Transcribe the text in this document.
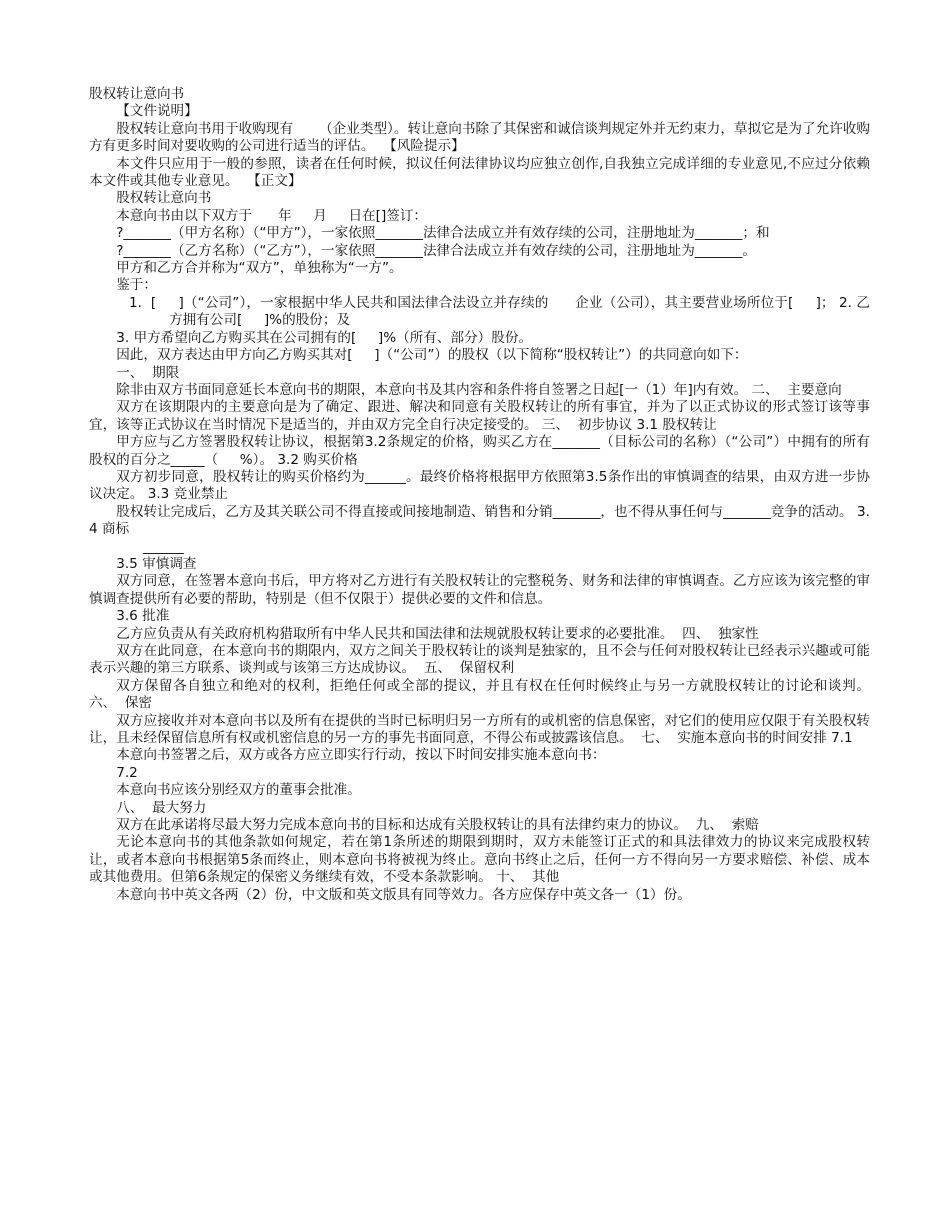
股权转让意向书

【文件说明】

股权转让意向书用于收购现有      （企业类型）。转让意向书除了其保密和诚信谈判规定外并无约束力，草拟它是为了允许收购方有更多时间对要收购的公司进行适当的评估。  【风险提示】

本文件只应用于一般的参照，读者在任何时候，拟议任何法律协议均应独立创作,自我独立完成详细的专业意见,不应过分依赖本文件或其他专业意见。  【正文】

股权转让意向书

本意向书由以下双方于      年     月     日在[]签订：

?_______（甲方名称）（“甲方”），一家依照_______法律合法成立并有效存续的公司，注册地址为_______；和

?_______（乙方名称）（“乙方”），一家依照_______法律合法成立并有效存续的公司，注册地址为_______。

甲方和乙方合并称为“双方”，单独称为“一方”。

鉴于：

1.  [     ]（“公司”），一家根据中华人民共和国法律合法设立并存续的      企业（公司），其主要营业场所位于[     ]； 2. 乙方拥有公司[     ]%的股份；及

3. 甲方希望向乙方购买其在公司拥有的[     ]%（所有、部分）股份。

因此，双方表达由甲方向乙方购买其对[     ]（“公司”）的股权（以下简称“股权转让”）的共同意向如下：

一、  期限

除非由双方书面同意延长本意向书的期限，本意向书及其内容和条件将自签署之日起[一（1）年]内有效。 二、  主要意向

双方在该期限内的主要意向是为了确定、跟进、解决和同意有关股权转让的所有事宜，并为了以正式协议的形式签订该等事宜，该等正式协议在当时情况下是适当的，并由双方完全自行决定接受的。 三、  初步协议 3.1 股权转让

甲方应与乙方签署股权转让协议，根据第3.2条规定的价格，购买乙方在_______（目标公司的名称）（“公司”）中拥有的所有股权的百分之_____（     %）。 3.2 购买价格

双方初步同意，股权转让的购买价格约为______。最终价格将根据甲方依照第3.5条作出的审慎调查的结果，由双方进一步协议决定。 3.3 竞业禁止

股权转让完成后，乙方及其关联公司不得直接或间接地制造、销售和分销_______，也不得从事任何与_______竞争的活动。 3.4 商标

______

3.5 审慎调查

双方同意，在签署本意向书后，甲方将对乙方进行有关股权转让的完整税务、财务和法律的审慎调查。乙方应该为该完整的审慎调查提供所有必要的帮助，特别是（但不仅限于）提供必要的文件和信息。

3.6 批准

乙方应负责从有关政府机构猎取所有中华人民共和国法律和法规就股权转让要求的必要批准。  四、  独家性

双方在此同意，在本意向书的期限内，双方之间关于股权转让的谈判是独家的，且不会与任何对股权转让已经表示兴趣或可能表示兴趣的第三方联系、谈判或与该第三方达成协议。  五、  保留权利

双方保留各自独立和绝对的权利，拒绝任何或全部的提议，并且有权在任何时候终止与另一方就股权转让的讨论和谈判。  六、  保密

双方应接收并对本意向书以及所有在提供的当时已标明归另一方所有的或机密的信息保密，对它们的使用应仅限于有关股权转让，且未经保留信息所有权或机密信息的另一方的事先书面同意，不得公布或披露该信息。  七、  实施本意向书的时间安排 7.1

本意向书签署之后，双方或各方应立即实行行动，按以下时间安排实施本意向书：

7.2

本意向书应该分别经双方的董事会批准。

八、  最大努力

双方在此承诺将尽最大努力完成本意向书的目标和达成有关股权转让的具有法律约束力的协议。  九、  索赔

无论本意向书的其他条款如何规定，若在第1条所述的期限到期时，双方未能签订正式的和具法律效力的协议来完成股权转让，或者本意向书根据第5条而终止，则本意向书将被视为终止。意向书终止之后，任何一方不得向另一方要求赔偿、补偿、成本或其他费用。但第6条规定的保密义务继续有效，不受本条款影响。 十、  其他

本意向书中英文各两（2）份，中文版和英文版具有同等效力。各方应保存中英文各一（1）份。
